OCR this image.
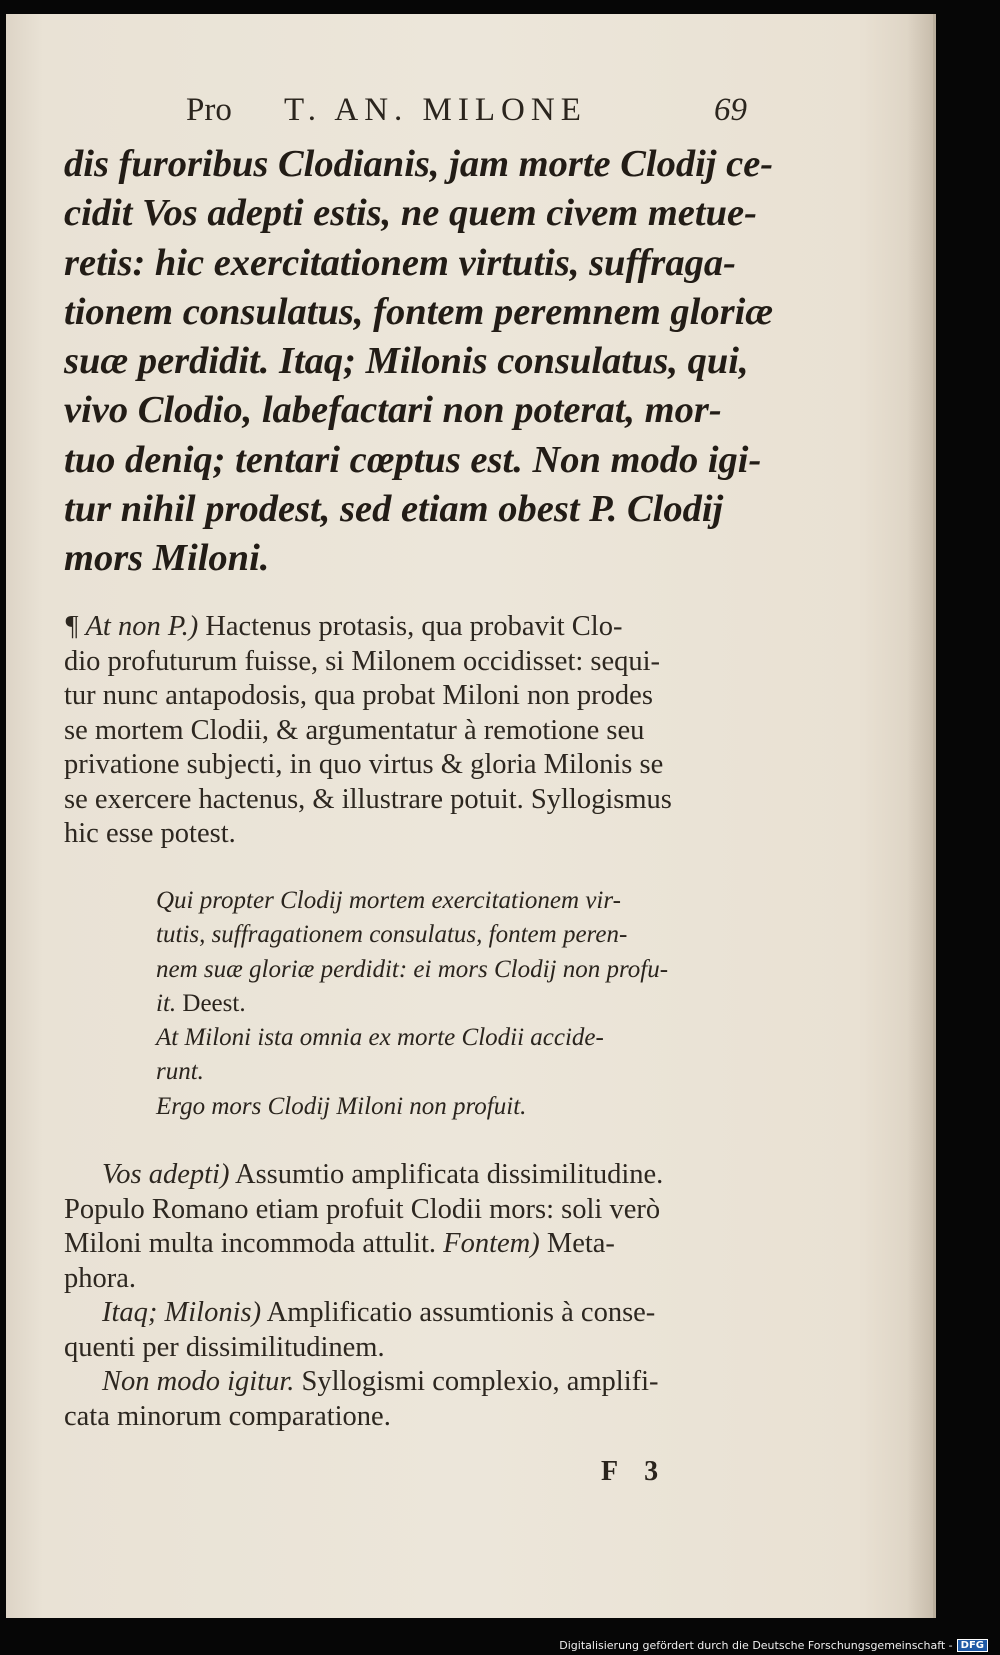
Pro T. AN. MILONE	69
dis furoribus Clodianis, jam morte Clodij ce-
cidit Vos adepti estis, ne quem civem metue-
retis: hic exercitationem virtutis, suffraga-
tionem consulatus, fontem peremnem gloriæ
suæ perdidit. Itaq; Milonis consulatus, qui,
vivo Clodio, labefactari non poterat, mor-
tuo deniq; tentari cœptus est. Non modo igi-
tur nihil prodest, sed etiam obest P. Clodij
mors Miloni.
¶ At non P.) Hactenus protasis, qua probavit Clo-
dio profuturum fuisse, si Milonem occidisset: sequi-
tur nunc antapodosis, qua probat Miloni non prodes
se mortem Clodii, & argumentatur à remotione seu
privatione subjecti, in quo virtus & gloria Milonis se
se exercere hactenus, & illustrare potuit. Syllogismus
hic esse potest.
Qui propter Clodij mortem exercitationem vir-
tutis, suffragationem consulatus, fontem peren-
nem suæ gloriæ perdidit: ei mors Clodij non profu-
it. Deest.
At Miloni ista omnia ex morte Clodii accide-
runt.
Ergo mors Clodij Miloni non profuit.
Vos adepti) Assumtio amplificata dissimilitudine.
Populo Romano etiam profuit Clodii mors: soli verò
Miloni multa incommoda attulit. Fontem) Meta-
phora.
Itaq; Milonis) Amplificatio assumtionis à conse-
quenti per dissimilitudinem.
Non modo igitur. Syllogismi complexio, amplifi-
cata minorum comparatione.
F 3
Digitalisierung gefördert durch die Deutsche Forschungsgemeinschaft - DFG
